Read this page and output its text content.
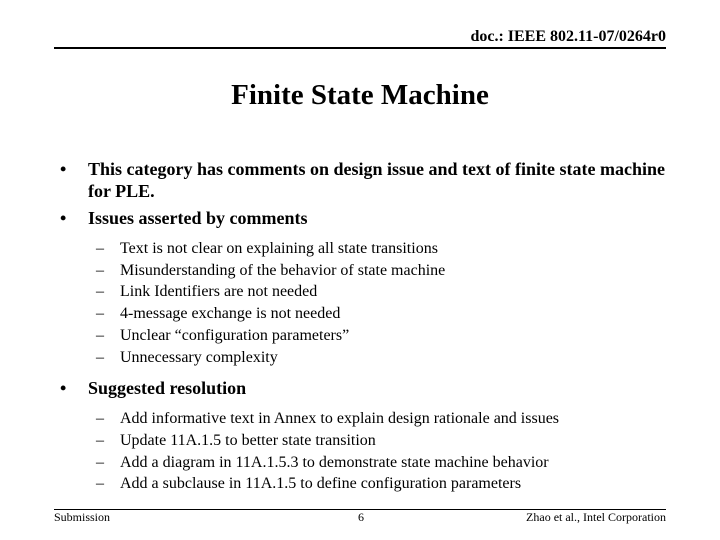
doc.: IEEE 802.11-07/0264r0
Finite State Machine
• This category has comments on design issue and text of finite state machine for PLE.
• Issues asserted by comments
– Text is not clear on explaining all state transitions
– Misunderstanding of the behavior of state machine
– Link Identifiers are not needed
– 4-message exchange is not needed
– Unclear “configuration parameters”
– Unnecessary complexity
• Suggested resolution
– Add informative text in Annex to explain design rationale and issues
– Update 11A.1.5 to better state transition
– Add a diagram in 11A.1.5.3 to demonstrate state machine behavior
– Add a subclause in 11A.1.5 to define configuration parameters
Submission	6	Zhao et al., Intel Corporation
